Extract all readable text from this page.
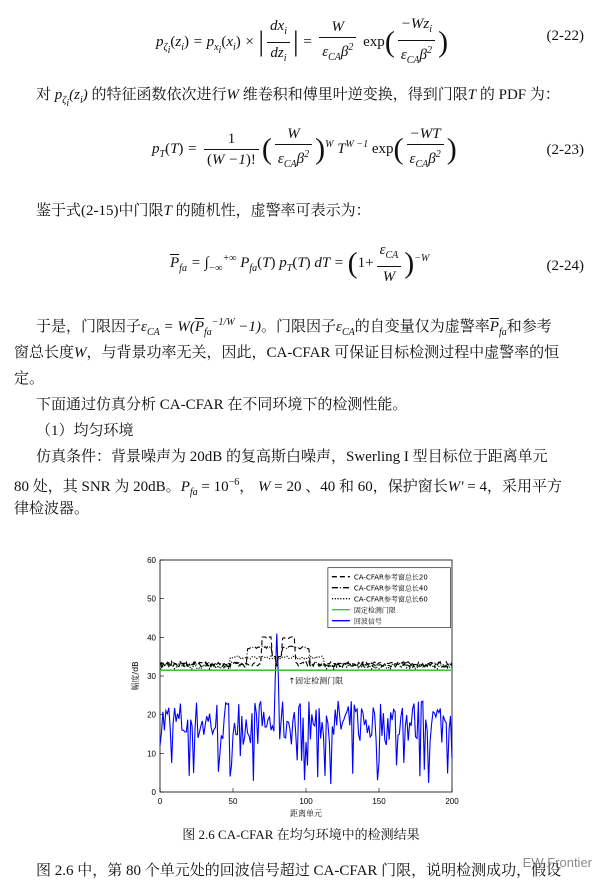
$p_{\zeta_i}(z_i) = p_{x_i}(x_i)$ × | $\frac{dx_i}{dz_i}$ | = $\frac{W}{\varepsilon_{CA}\beta^2} \exp( \frac{-Wz_i}{\varepsilon_{CA}\beta^2}$ )	(2-22)
对 $p_{\zeta_i}(z_i)$ 的特征函数依次进行W 维卷积和傅里叶逆变换，得到门限T 的 PDF 为：
$p_T(T) = \frac{1}{(W -1)!}$ ( $\frac{W}{\varepsilon_{CA}\beta^2} )^W$ $T^{W -1}$ $\exp( \frac{-WT}{\varepsilon_{CA}\beta^2}$ )	(2-23)
鉴于式(2-15)中门限T 的随机性，虚警率可表示为：
$\overline{P}_{fa} = \int_{-\infty}^{+\infty}$ $P_{fa}(T)$ $p_T(T)$ dT = $(1+ \frac{\varepsilon_{CA}}{W} )^{-W}$	(2-24)
于是，门限因子$\varepsilon_{CA} = W(\overline{P}_{fa}^{-1/W} -1)$。门限因子$\varepsilon_{CA}$的自变量仅为虚警率$\overline{P}_{fa}$和参考
窗总长度W，与背景功率无关，因此，CA-CFAR 可保证目标检测过程中虚警率的恒
定。
下面通过仿真分析 CA-CFAR 在不同环境下的检测性能。
（1）均匀环境
仿真条件：背景噪声为 20dB 的复高斯白噪声，Swerling I 型目标位于距离单元
80 处，其 SNR 为 20dB。$P_{fa} = 10^{-6}$， W = 20 、40 和 60，保护窗长W′ = 4，采用平方
律检波器。
0	50	100	150	200
0
10
20
30
40
50
60
距离单元
幅度/dB	↑固定检测门限
CA-CFAR参考窗总长20
CA-CFAR参考窗总长40
CA-CFAR参考窗总长60
固定检测门限
回波信号
图 2.6 CA-CFAR 在均匀环境中的检测结果
图 2.6 中，第 80 个单元处的回波信号超过 CA-CFAR 门限，说明检测成功，假设
EW Frontier
